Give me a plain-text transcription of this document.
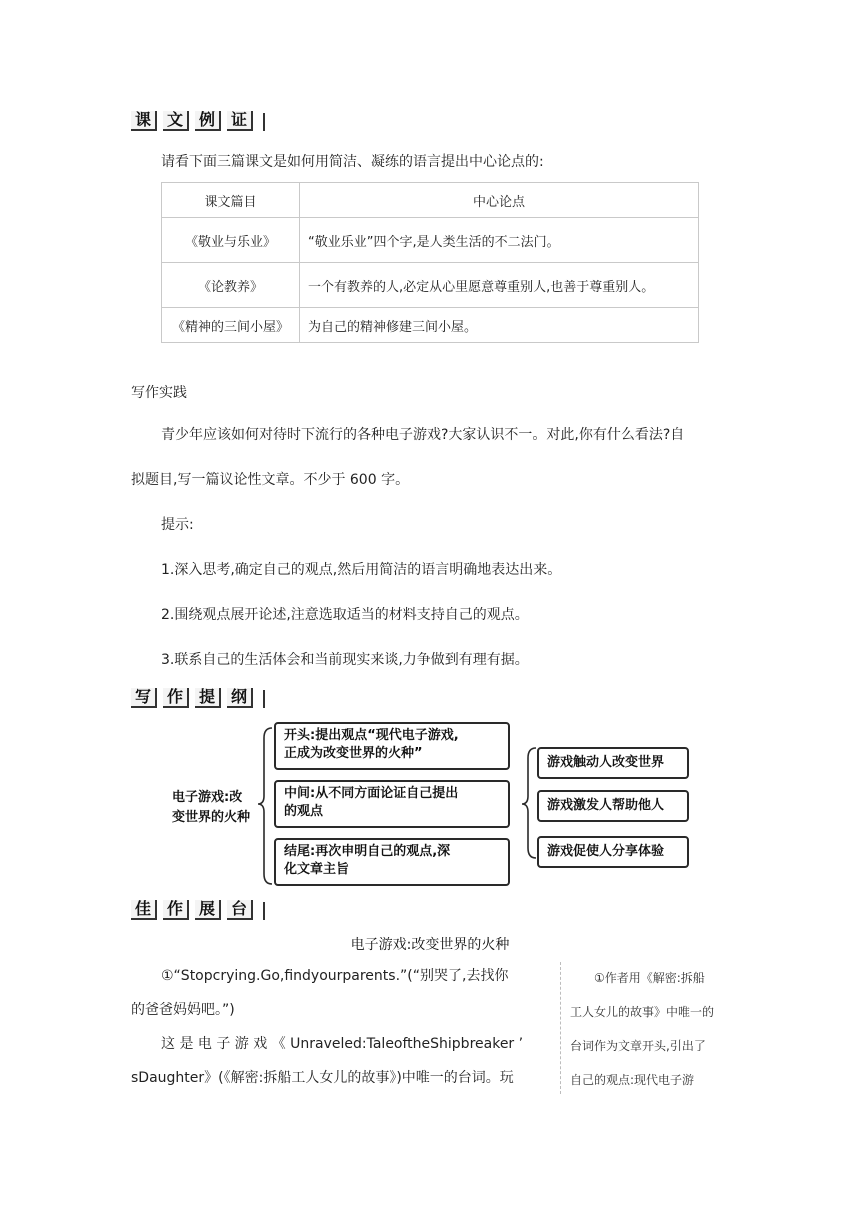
课	文	例	证
请看下面三篇课文是如何用简洁、凝练的语言提出中心论点的:
课文篇目	中心论点
《敬业与乐业》	“敬业乐业”四个字,是人类生活的不二法门。
《论教养》	一个有教养的人,必定从心里愿意尊重别人,也善于尊重别人。
《精神的三间小屋》	为自己的精神修建三间小屋。
写作实践
青少年应该如何对待时下流行的各种电子游戏?大家认识不一。对此,你有什么看法?自
拟题目,写一篇议论性文章。不少于 600 字。
提示:
1.深入思考,确定自己的观点,然后用简洁的语言明确地表达出来。
2.围绕观点展开论述,注意选取适当的材料支持自己的观点。
3.联系自己的生活体会和当前现实来谈,力争做到有理有据。
写	作	提	纲
电子游戏:改
变世界的火种
开头:提出观点“现代电子游戏,
正成为改变世界的火种”
中间:从不同方面论证自己提出
的观点
结尾:再次申明自己的观点,深
化文章主旨
游戏触动人改变世界
游戏激发人帮助他人
游戏促使人分享体验
佳	作	展	台
电子游戏:改变世界的火种
①“Stopcrying.Go,findyourparents.”(“别哭了,去找你
的爸爸妈妈吧。”)
这 是 电 子 游 戏 《 Unraveled:TaleoftheShipbreaker ’
sDaughter》(《解密:拆船工人女儿的故事》)中唯一的台词。玩
①作者用《解密:拆船
工人女儿的故事》中唯一的
台词作为文章开头,引出了
自己的观点:现代电子游
